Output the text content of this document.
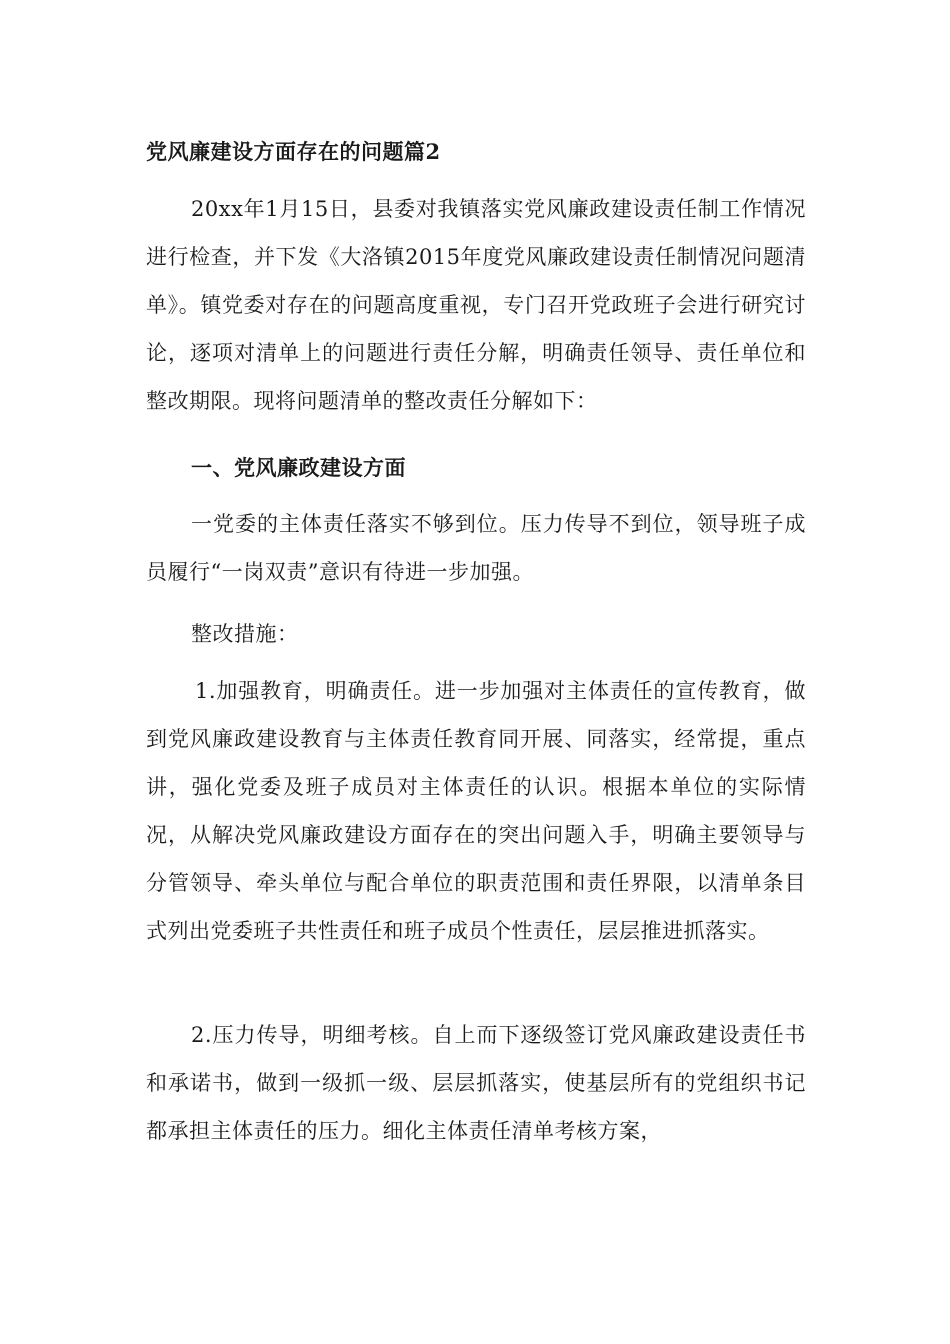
党风廉建设方面存在的问题篇2

20xx年1月15日，县委对我镇落实党风廉政建设责任制工作情况进行检查，并下发《大洛镇2015年度党风廉政建设责任制情况问题清单》。镇党委对存在的问题高度重视，专门召开党政班子会进行研究讨论，逐项对清单上的问题进行责任分解，明确责任领导、责任单位和整改期限。现将问题清单的整改责任分解如下：

一、党风廉政建设方面

一党委的主体责任落实不够到位。压力传导不到位，领导班子成员履行“一岗双责”意识有待进一步加强。

整改措施：

1.加强教育，明确责任。进一步加强对主体责任的宣传教育，做到党风廉政建设教育与主体责任教育同开展、同落实，经常提，重点讲，强化党委及班子成员对主体责任的认识。根据本单位的实际情况，从解决党风廉政建设方面存在的突出问题入手，明确主要领导与分管领导、牵头单位与配合单位的职责范围和责任界限，以清单条目式列出党委班子共性责任和班子成员个性责任，层层推进抓落实。

2.压力传导，明细考核。自上而下逐级签订党风廉政建设责任书和承诺书，做到一级抓一级、层层抓落实，使基层所有的党组织书记都承担主体责任的压力。细化主体责任清单考核方案，
